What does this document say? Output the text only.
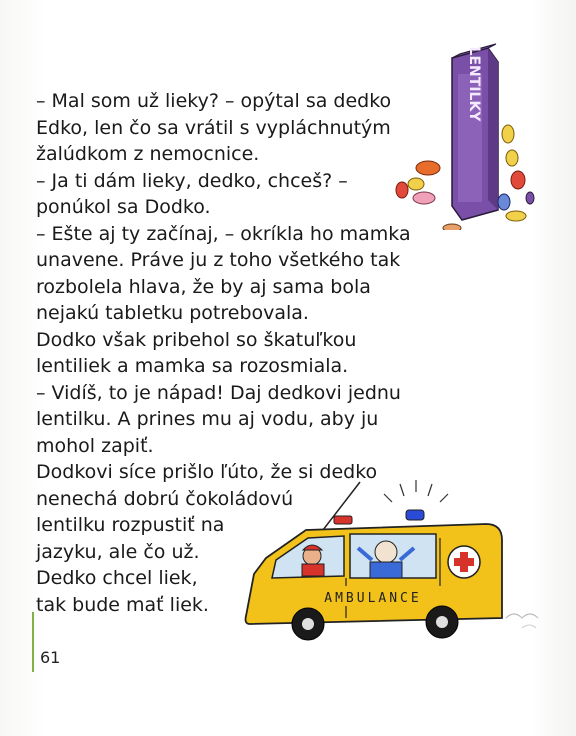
– Mal som už lieky? – opýtal sa dedko

Edko, len čo sa vrátil s vypláchnutým

žalúdkom z nemocnice.

– Ja ti dám lieky, dedko, chceš? –

ponúkol sa Dodko.

– Ešte aj ty začínaj, – okríkla ho mamka

unavene. Práve ju z toho všetkého tak

rozbolela hlava, že by aj sama bola

nejakú tabletku potrebovala.

Dodko však pribehol so škatuľkou

lentiliek a mamka sa rozosmiala.

– Vidíš, to je nápad! Daj dedkovi jednu

lentilku. A prines mu aj vodu, aby ju

mohol zapiť.

Dodkovi síce prišlo ľúto, že si dedko

nenechá dobrú čokoládovú

lentilku rozpustiť na

jazyku, ale čo už.

Dedko chcel liek,

tak bude mať liek.

LENTILKY
AMBULANCE
61
